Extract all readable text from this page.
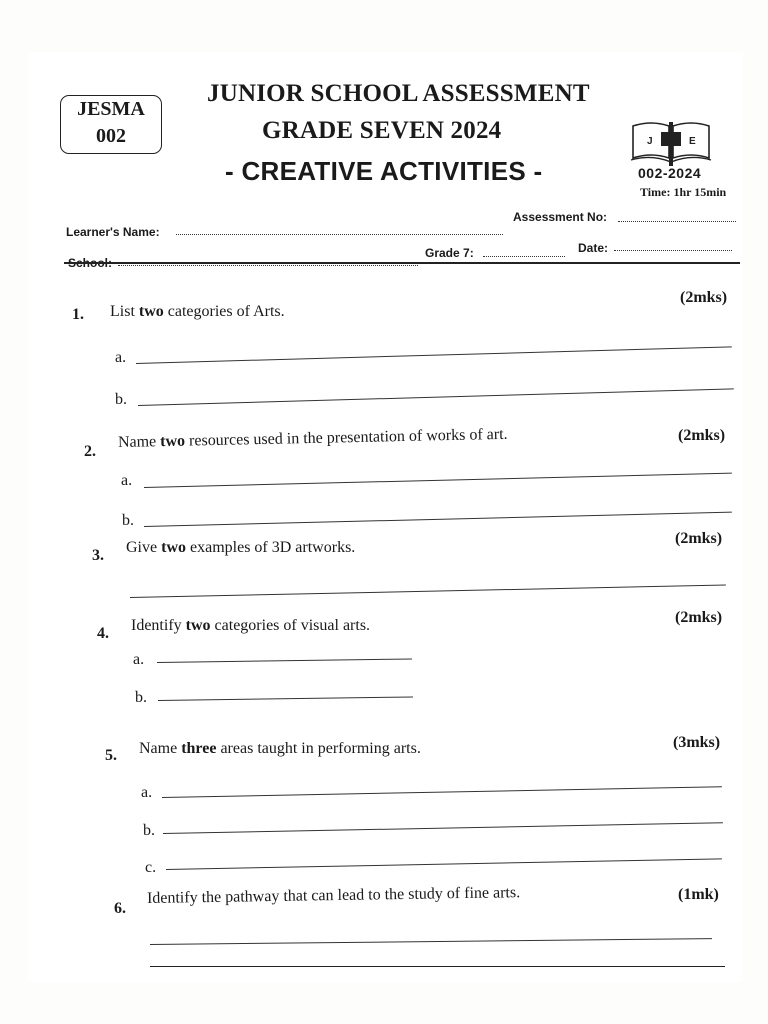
JESMA
002
JUNIOR SCHOOL ASSESSMENT
GRADE SEVEN 2024
- CREATIVE ACTIVITIES -
J	E
002-2024
Time: 1hr 15min
Assessment No:
Learner's Name:
Grade 7:	Date:
School:
1. List two categories of Arts.
(2mks)
a.
b.
2.
Name two resources used in the presentation of works of art.	(2mks)
a.
b.
3. Give two examples of 3D artworks.
(2mks)
4. Identify two categories of visual arts.	(2mks)
a.
b.
5. Name three areas taught in performing arts.	(3mks)
a.
b.
c.
6.
Identify the pathway that can lead to the study of fine arts.	(1mk)
